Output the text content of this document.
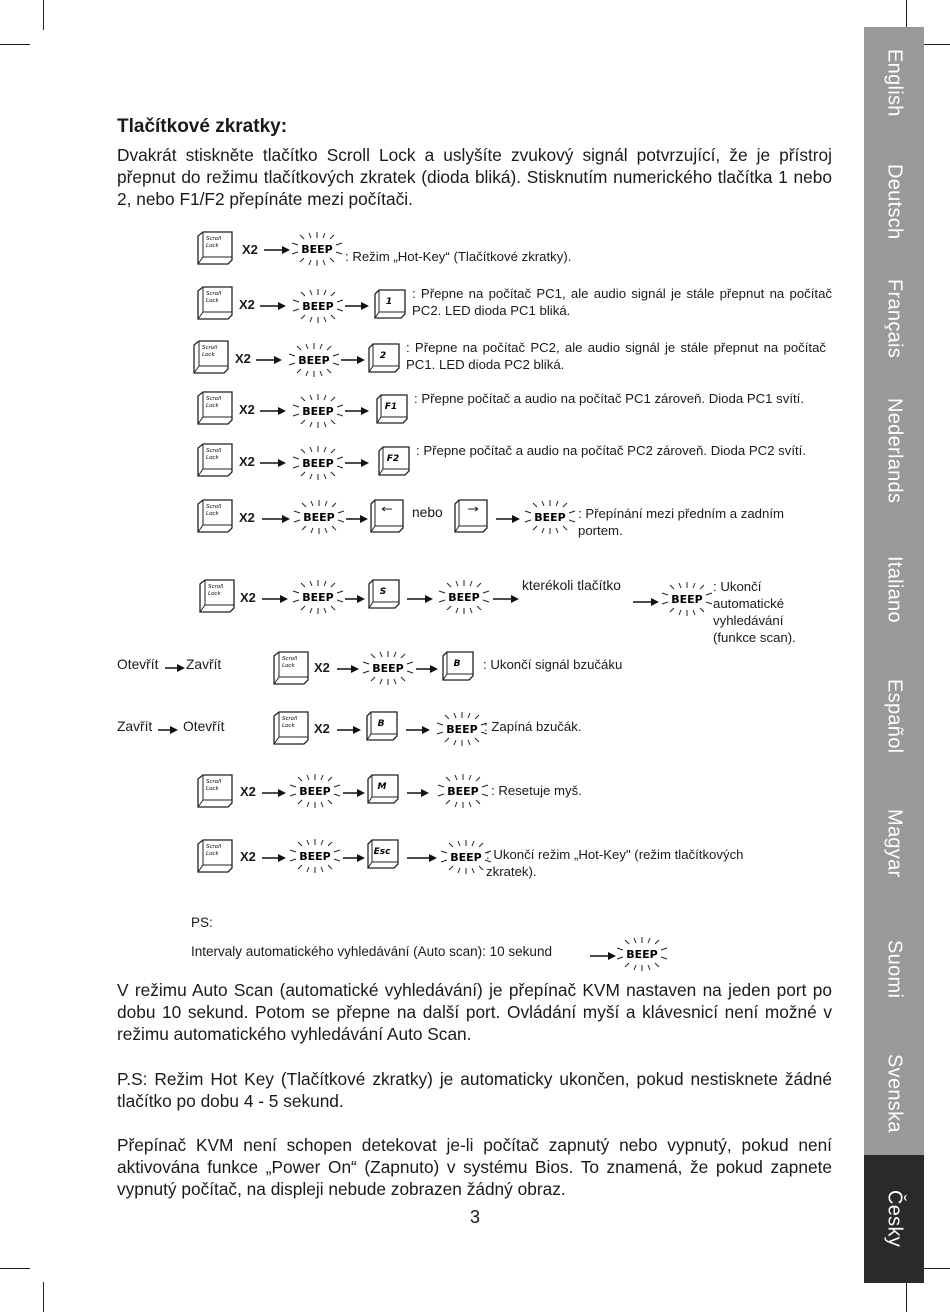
English
Deutsch
Français
Nederlands
Italiano
Español
Magyar
Suomi
Svenska
Česky
Tlačítkové zkratky:

Dvakrát stiskněte tlačítko Scroll Lock a uslyšíte zvukový signál potvrzující, že je přístroj přepnut do režimu tlačítkových zkratek (dioda bliká). Stisknutím numerického tlačítka 1 nebo 2, nebo F1/F2 přepínáte mezi počítači.

Scroll
Lock X2	BEEP : Režim „Hot-Key“ (Tlačítkové zkratky).
Scroll
Lock X2	BEEP	1
: Přepne na počítač PC1, ale audio signál je stále přepnut na počítač PC2. LED dioda PC1 bliká.
Scroll
Lock X2	BEEP	2
: Přepne na počítač PC2, ale audio signál je stále přepnut na počítač PC1. LED dioda PC2 bliká.
Scroll
Lock X2	BEEP	F1
: Přepne počítač a audio na počítač PC1 zároveň. Dioda PC1 svítí.
Scroll
Lock X2	BEEP	F2
: Přepne počítač a audio na počítač PC2 zároveň. Dioda PC2 svítí.
Scroll
Lock X2	BEEP	nebo	BEEP : Přepínání mezi předním a zadním portem.
Scroll
Lock X2	BEEP	S	BEEP
kterékoli tlačítko
BEEP
: Ukončí automatické vyhledávání (funkce scan).
Otevřít Zavřít	Scroll
Lock X2	BEEP	B : Ukončí signál bzučáku
Zavřít Otevřít	Scroll
Lock X2	B	BEEP : Zapíná bzučák.
Scroll
Lock X2	BEEP	M	BEEP : Resetuje myš.
Scroll
Lock X2	BEEP	Esc	BEEP : Ukončí režim „Hot-Key" (režim tlačítkových zkratek).
BEEP
PS:
Intervaly automatického vyhledávání (Auto scan): 10 sekund

V režimu Auto Scan (automatické vyhledávání) je přepínač KVM nastaven na jeden port po dobu 10 sekund. Potom se přepne na další port. Ovládání myší a klávesnicí není možné v režimu automatického vyhledávání Auto Scan.

P.S: Režim Hot Key (Tlačítkové zkratky) je automaticky ukončen, pokud nestisknete žádné tlačítko po dobu 4 - 5 sekund.

Přepínač KVM není schopen detekovat je-li počítač zapnutý nebo vypnutý, pokud není aktivována funkce „Power On“ (Zapnuto) v systému Bios. To znamená, že pokud zapnete vypnutý počítač, na displeji nebude zobrazen žádný obraz.

3
